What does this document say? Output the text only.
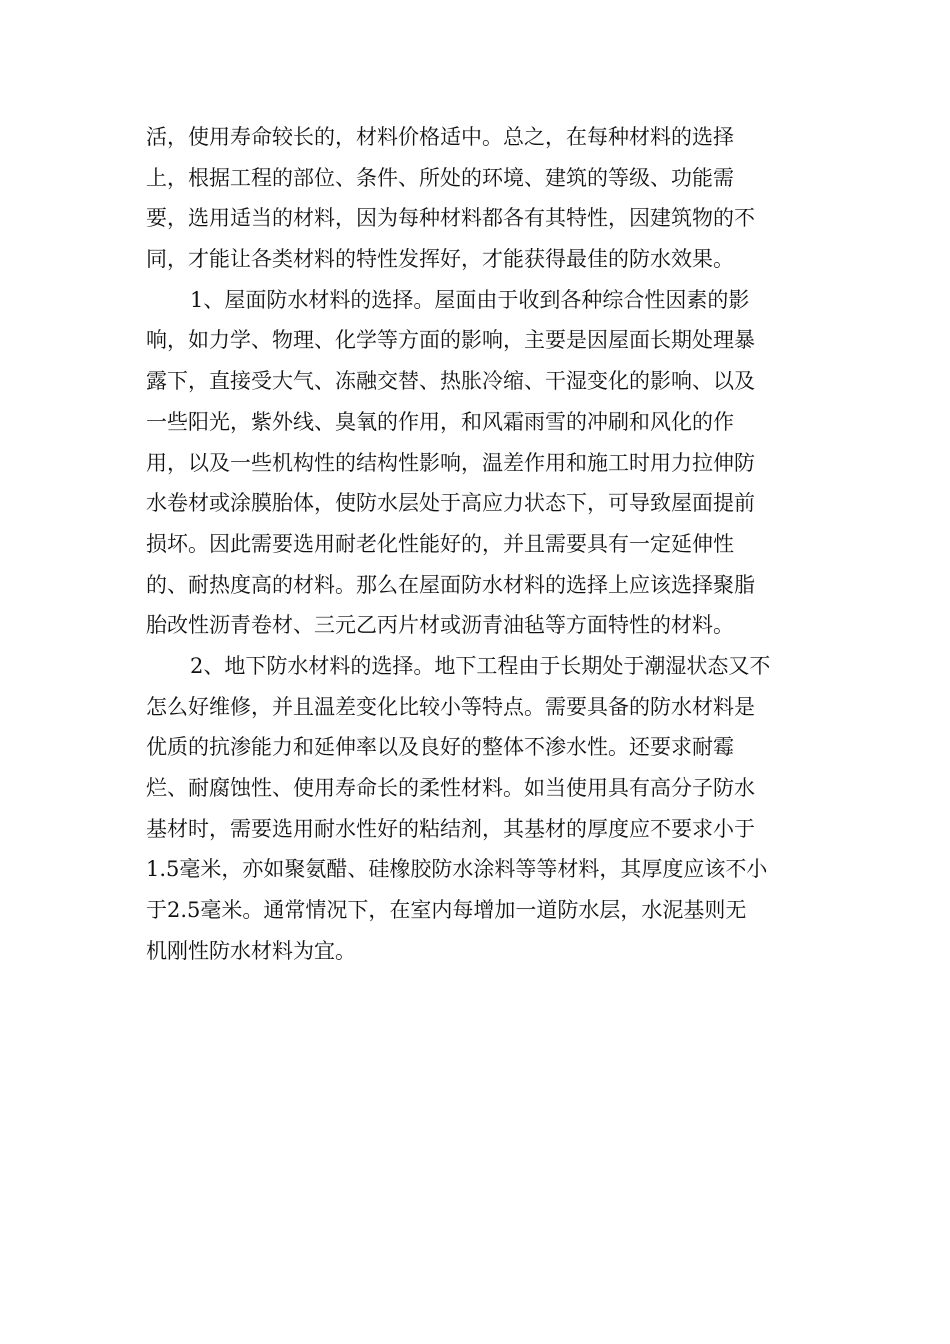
活，使用寿命较长的，材料价格适中。总之，在每种材料的选择
上，根据工程的部位、条件、所处的环境、建筑的等级、功能需
要，选用适当的材料，因为每种材料都各有其特性，因建筑物的不
同，才能让各类材料的特性发挥好，才能获得最佳的防水效果。
1、屋面防水材料的选择。屋面由于收到各种综合性因素的影
响，如力学、物理、化学等方面的影响，主要是因屋面长期处理暴
露下，直接受大气、冻融交替、热胀冷缩、干湿变化的影响、以及
一些阳光，紫外线、臭氧的作用，和风霜雨雪的冲刷和风化的作
用，以及一些机构性的结构性影响，温差作用和施工时用力拉伸防
水卷材或涂膜胎体，使防水层处于高应力状态下，可导致屋面提前
损坏。因此需要选用耐老化性能好的，并且需要具有一定延伸性
的、耐热度高的材料。那么在屋面防水材料的选择上应该选择聚脂
胎改性沥青卷材、三元乙丙片材或沥青油毡等方面特性的材料。
2、地下防水材料的选择。地下工程由于长期处于潮湿状态又不
怎么好维修，并且温差变化比较小等特点。需要具备的防水材料是
优质的抗渗能力和延伸率以及良好的整体不渗水性。还要求耐霉
烂、耐腐蚀性、使用寿命长的柔性材料。如当使用具有高分子防水
基材时，需要选用耐水性好的粘结剂，其基材的厚度应不要求小于
1.5毫米，亦如聚氨醋、硅橡胶防水涂料等等材料，其厚度应该不小
于2.5毫米。通常情况下，在室内每增加一道防水层，水泥基则无
机刚性防水材料为宜。
